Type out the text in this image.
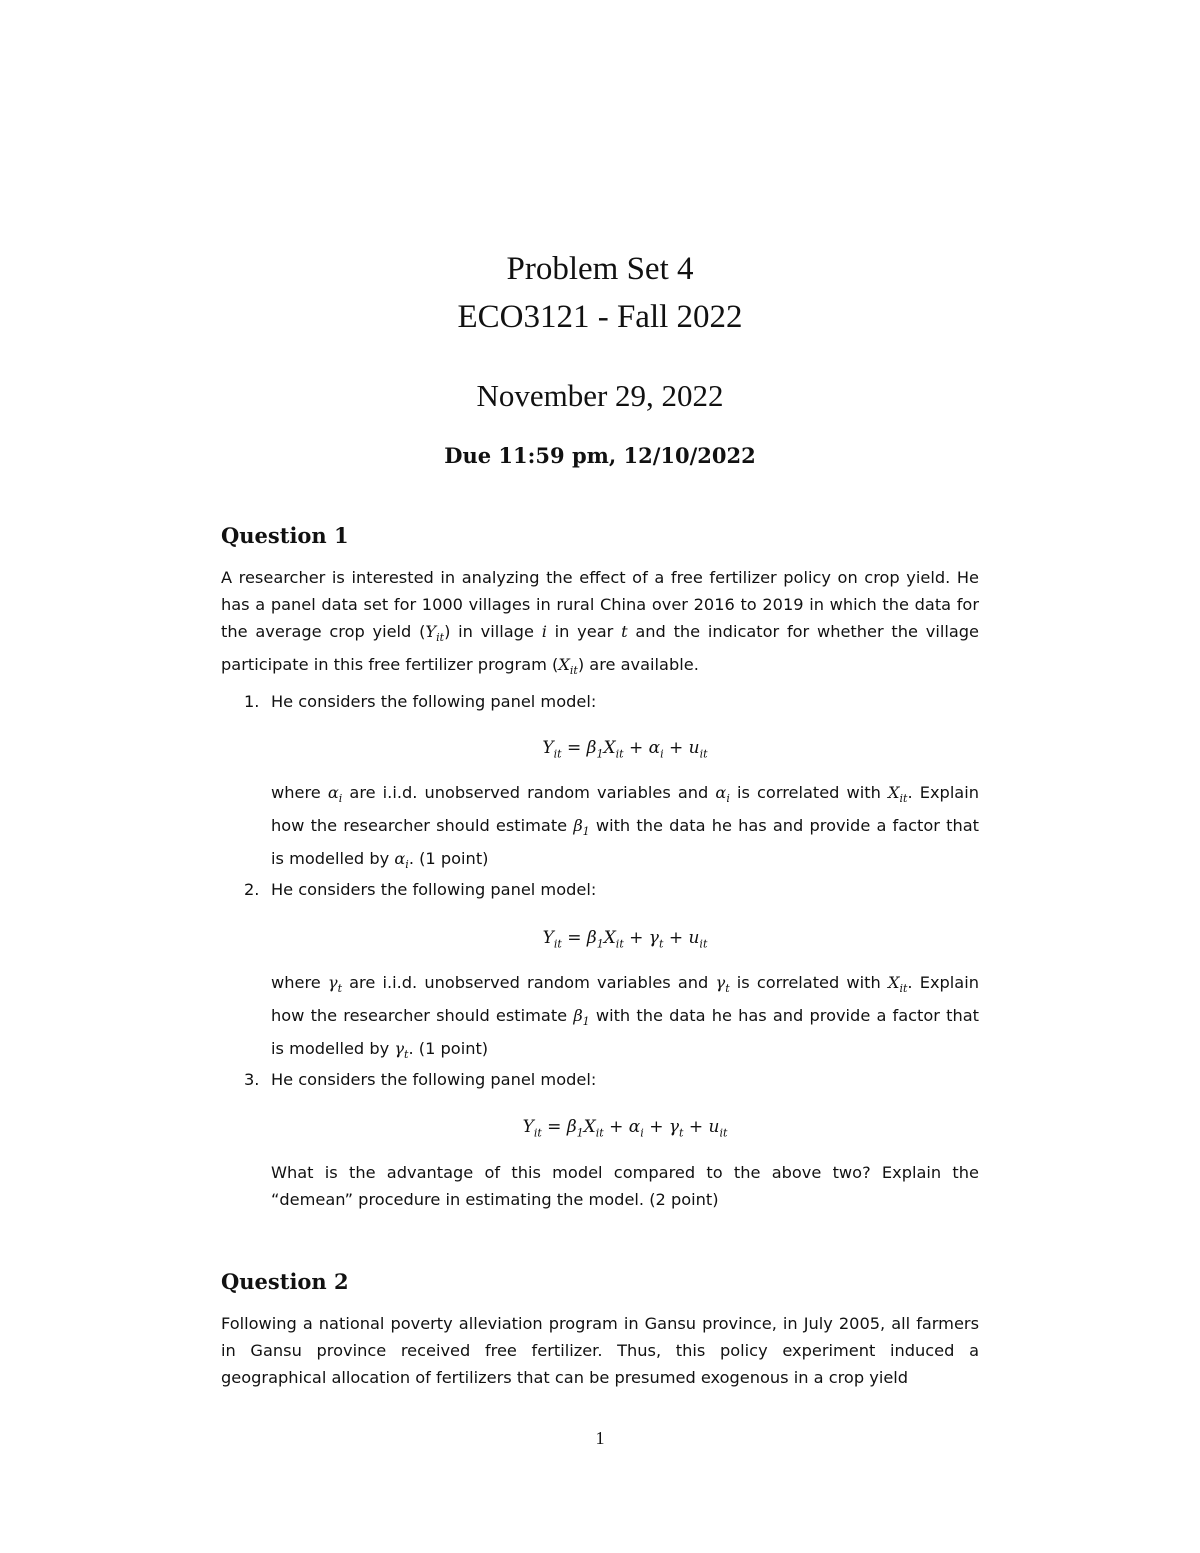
Problem Set 4

ECO3121 - Fall 2022

November 29, 2022
Due 11:59 pm, 12/10/2022
Question 1

A researcher is interested in analyzing the effect of a free fertilizer policy on crop yield. He has a panel data set for 1000 villages in rural China over 2016 to 2019 in which the data for the average crop yield $(Y_{it})$ in village i in year t and the indicator for whether the village participate in this free fertilizer program $(X_{it})$ are available.

1. He considers the following panel model:

$Y_{it} = \beta_1X_{it} + \alpha_i + u_{it}$

where $\alpha_i$ are i.i.d. unobserved random variables and $\alpha_i$ is correlated with $X_{it}$. Explain how the researcher should estimate $\beta_1$ with the data he has and provide a factor that is modelled by $\alpha_i$. (1 point)

2. He considers the following panel model:

$Y_{it} = \beta_1X_{it} + \gamma_t + u_{it}$

where $\gamma_t$ are i.i.d. unobserved random variables and $\gamma_t$ is correlated with $X_{it}$. Explain how the researcher should estimate $\beta_1$ with the data he has and provide a factor that is modelled by $\gamma_t$. (1 point)

3. He considers the following panel model:

$Y_{it} = \beta_1X_{it} + \alpha_i + \gamma_t + u_{it}$

What is the advantage of this model compared to the above two? Explain the “demean” procedure in estimating the model. (2 point)

Question 2

Following a national poverty alleviation program in Gansu province, in July 2005, all farmers in Gansu province received free fertilizer. Thus, this policy experiment induced a geographical allocation of fertilizers that can be presumed exogenous in a crop yield

1
